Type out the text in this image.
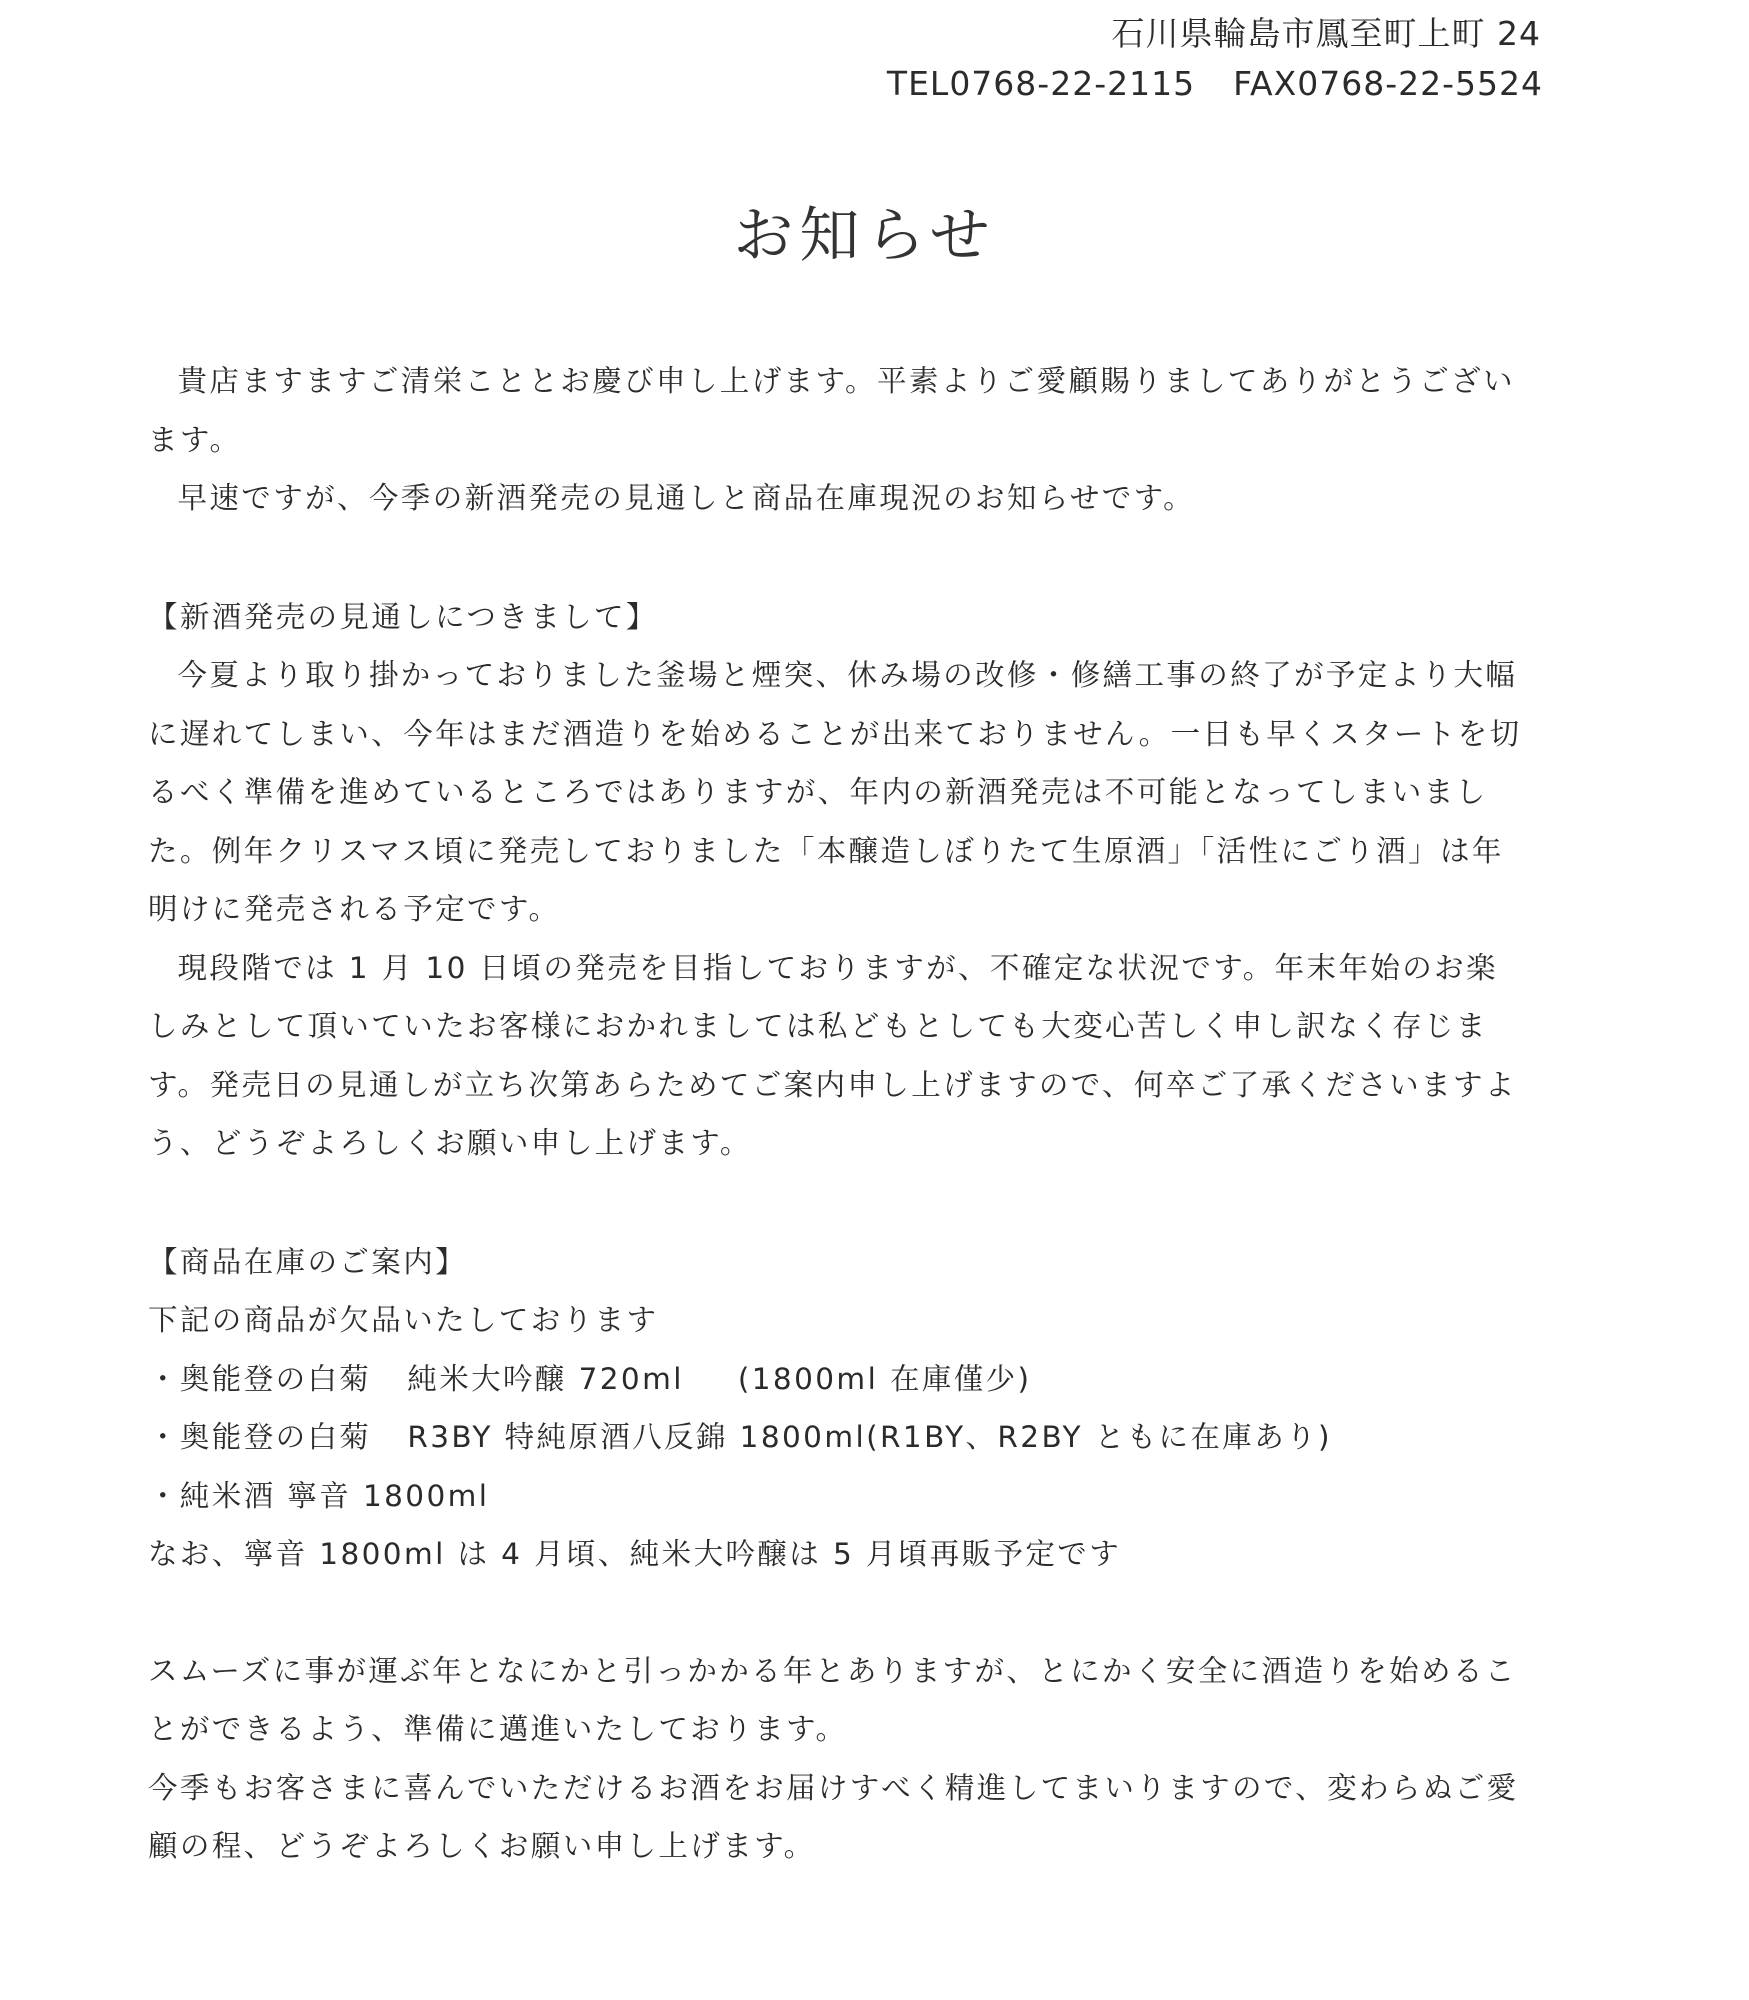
石川県輪島市鳳至町上町 24
TEL0768-22-2115 FAX0768-22-5524
お知らせ

貴店ますますご清栄こととお慶び申し上げます。平素よりご愛顧賜りましてありがとうございます。

早速ですが、今季の新酒発売の見通しと商品在庫現況のお知らせです。

【新酒発売の見通しにつきまして】

今夏より取り掛かっておりました釜場と煙突、休み場の改修・修繕工事の終了が予定より大幅に遅れてしまい、今年はまだ酒造りを始めることが出来ておりません。一日も早くスタートを切るべく準備を進めているところではありますが、年内の新酒発売は不可能となってしまいました。例年クリスマス頃に発売しておりました「本醸造しぼりたて生原酒」「活性にごり酒」は年明けに発売される予定です。

現段階では 1 月 10 日頃の発売を目指しておりますが、不確定な状況です。年末年始のお楽しみとして頂いていたお客様におかれましては私どもとしても大変心苦しく申し訳なく存じます。発売日の見通しが立ち次第あらためてご案内申し上げますので、何卒ご了承くださいますよう、どうぞよろしくお願い申し上げます。

【商品在庫のご案内】

下記の商品が欠品いたしております

・奥能登の白菊 純米大吟醸 720ml (1800ml 在庫僅少)

・奥能登の白菊 R3BY 特純原酒八反錦 1800ml(R1BY、R2BY ともに在庫あり)

・純米酒 寧音 1800ml

なお、寧音 1800ml は 4 月頃、純米大吟醸は 5 月頃再販予定です

スムーズに事が運ぶ年となにかと引っかかる年とありますが、とにかく安全に酒造りを始めることができるよう、準備に邁進いたしております。

今季もお客さまに喜んでいただけるお酒をお届けすべく精進してまいりますので、変わらぬご愛顧の程、どうぞよろしくお願い申し上げます。
